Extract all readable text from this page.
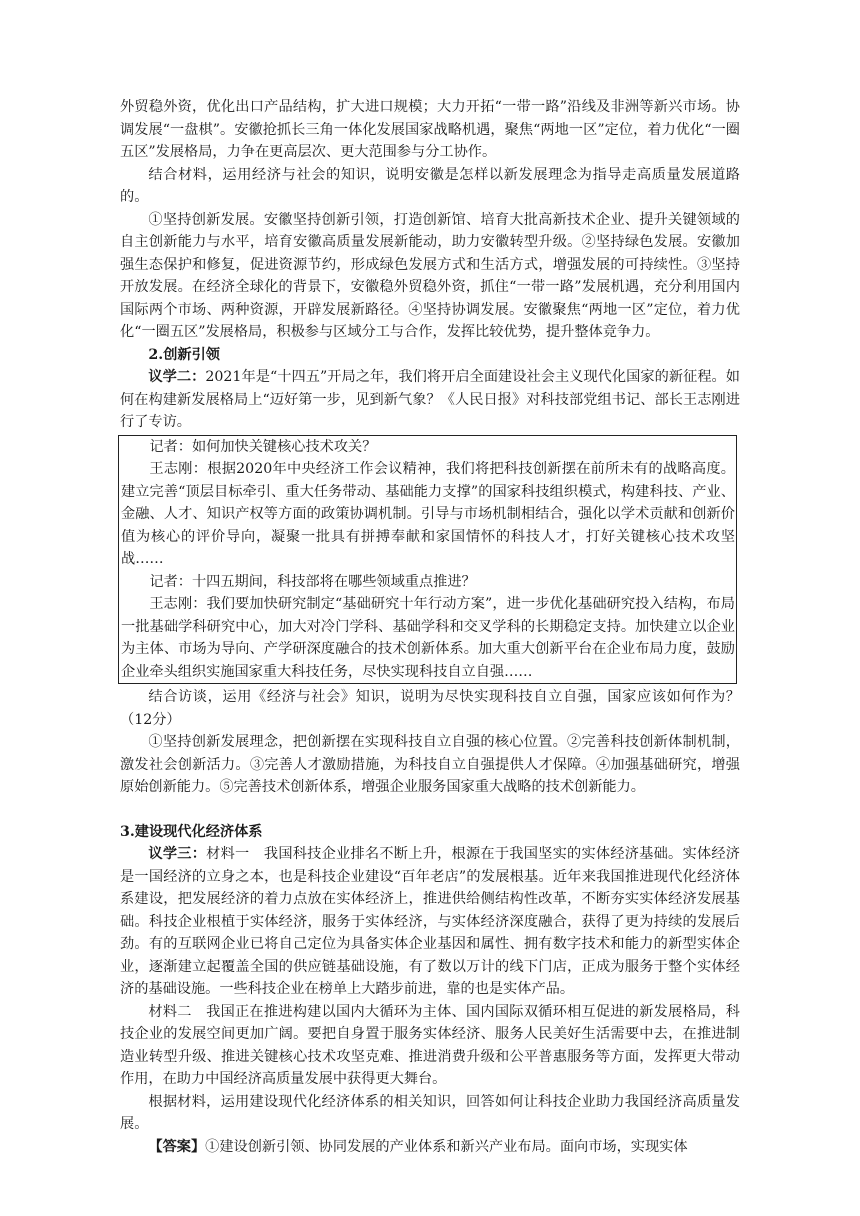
外贸稳外资，优化出口产品结构，扩大进口规模；大力开拓“一带一路”沿线及非洲等新兴市场。协调发展“一盘棋”。安徽抢抓长三角一体化发展国家战略机遇，聚焦“两地一区”定位，着力优化“一圈五区”发展格局，力争在更高层次、更大范围参与分工协作。

结合材料，运用经济与社会的知识，说明安徽是怎样以新发展理念为指导走高质量发展道路的。

①坚持创新发展。安徽坚持创新引领，打造创新馆、培育大批高新技术企业、提升关键领域的自主创新能力与水平，培育安徽高质量发展新能动，助力安徽转型升级。②坚持绿色发展。安徽加强生态保护和修复，促进资源节约，形成绿色发展方式和生活方式，增强发展的可持续性。③坚持开放发展。在经济全球化的背景下，安徽稳外贸稳外资，抓住“一带一路”发展机遇，充分利用国内国际两个市场、两种资源，开辟发展新路径。④坚持协调发展。安徽聚焦“两地一区”定位，着力优化“一圈五区”发展格局，积极参与区域分工与合作，发挥比较优势，提升整体竞争力。

2.创新引领

议学二：2021年是“十四五”开局之年，我们将开启全面建设社会主义现代化国家的新征程。如何在构建新发展格局上“迈好第一步，见到新气象？《人民日报》对科技部党组书记、部长王志刚进行了专访。

记者：如何加快关键核心技术攻关？

王志刚：根据2020年中央经济工作会议精神，我们将把科技创新摆在前所未有的战略高度。建立完善“顶层目标牵引、重大任务带动、基础能力支撑”的国家科技组织模式，构建科技、产业、金融、人才、知识产权等方面的政策协调机制。引导与市场机制相结合，强化以学术贡献和创新价值为核心的评价导向，凝聚一批具有拼搏奉献和家国情怀的科技人才，打好关键核心技术攻坚战……

记者：十四五期间，科技部将在哪些领域重点推进？

王志刚：我们要加快研究制定“基础研究十年行动方案”，进一步优化基础研究投入结构，布局一批基础学科研究中心，加大对冷门学科、基础学科和交叉学科的长期稳定支持。加快建立以企业为主体、市场为导向、产学研深度融合的技术创新体系。加大重大创新平台在企业布局力度，鼓励企业牵头组织实施国家重大科技任务，尽快实现科技自立自强……

结合访谈，运用《经济与社会》知识，说明为尽快实现科技自立自强，国家应该如何作为？（12分）

①坚持创新发展理念，把创新摆在实现科技自立自强的核心位置。②完善科技创新体制机制，激发社会创新活力。③完善人才激励措施，为科技自立自强提供人才保障。④加强基础研究，增强原始创新能力。⑤完善技术创新体系，增强企业服务国家重大战略的技术创新能力。

3.建设现代化经济体系

议学三：材料一　我国科技企业排名不断上升，根源在于我国坚实的实体经济基础。实体经济是一国经济的立身之本，也是科技企业建设“百年老店”的发展根基。近年来我国推进现代化经济体系建设，把发展经济的着力点放在实体经济上，推进供给侧结构性改革，不断夯实实体经济发展基础。科技企业根植于实体经济，服务于实体经济，与实体经济深度融合，获得了更为持续的发展后劲。有的互联网企业已将自己定位为具备实体企业基因和属性、拥有数字技术和能力的新型实体企业，逐渐建立起覆盖全国的供应链基础设施，有了数以万计的线下门店，正成为服务于整个实体经济的基础设施。一些科技企业在榜单上大踏步前进，靠的也是实体产品。

材料二　我国正在推进构建以国内大循环为主体、国内国际双循环相互促进的新发展格局，科技企业的发展空间更加广阔。要把自身置于服务实体经济、服务人民美好生活需要中去，在推进制造业转型升级、推进关键核心技术攻坚克难、推进消费升级和公平普惠服务等方面，发挥更大带动作用，在助力中国经济高质量发展中获得更大舞台。

根据材料，运用建设现代化经济体系的相关知识，回答如何让科技企业助力我国经济高质量发展。

【答案】①建设创新引领、协同发展的产业体系和新兴产业布局。面向市场，实现实体
